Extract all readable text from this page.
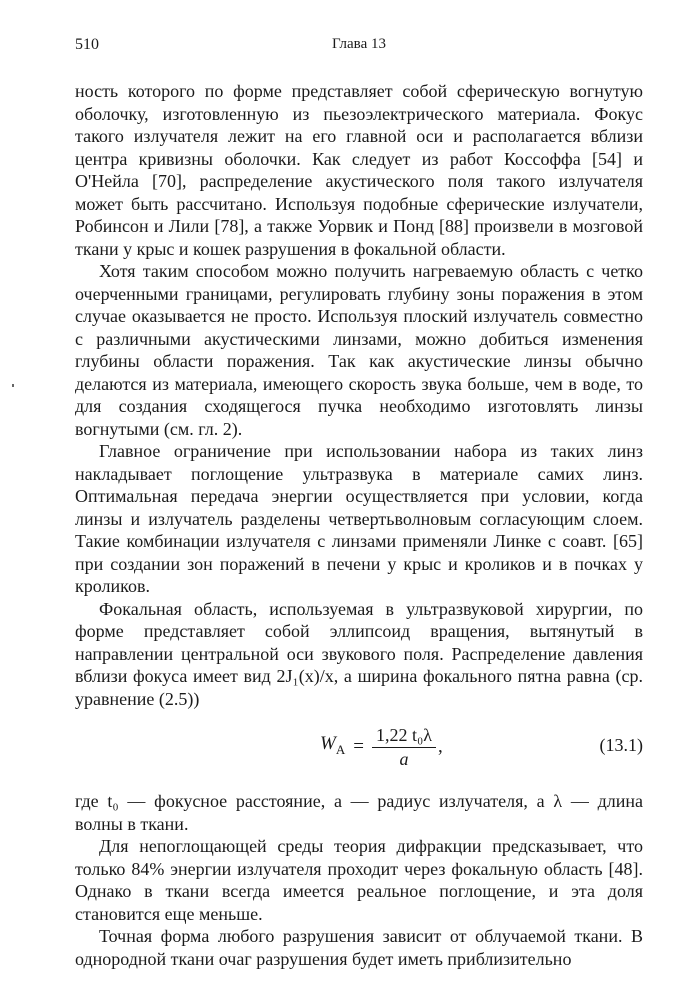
510	Глава 13

ность которого по форме представляет собой сферическую вогнутую оболочку, изготовленную из пьезоэлектрического материала. Фокус такого излучателя лежит на его главной оси и располагается вблизи центра кривизны оболочки. Как следует из работ Коссоффа [54] и О'Нейла [70], распределение акустического поля такого излучателя может быть рассчитано. Используя подобные сферические излучатели, Робинсон и Лили [78], а также Уорвик и Понд [88] произвели в мозговой ткани у крыс и кошек разрушения в фокальной области.

Хотя таким способом можно получить нагреваемую область с четко очерченными границами, регулировать глубину зоны поражения в этом случае оказывается не просто. Используя плоский излучатель совместно с различными акустическими линзами, можно добиться изменения глубины области поражения. Так как акустические линзы обычно делаются из материала, имеющего скорость звука больше, чем в воде, то для создания сходящегося пучка необходимо изготовлять линзы вогнутыми (см. гл. 2).

Главное ограничение при использовании набора из таких линз накладывает поглощение ультразвука в материале самих линз. Оптимальная передача энергии осуществляется при условии, когда линзы и излучатель разделены четвертьволновым согласующим слоем. Такие комбинации излучателя с линзами применяли Линке с соавт. [65] при создании зон поражений в печени у крыс и кроликов и в почках у кроликов.

Фокальная область, используемая в ультразвуковой хирургии, по форме представляет собой эллипсоид вращения, вытянутый в направлении центральной оси звукового поля. Распределение давления вблизи фокуса имеет вид 2J₁(x)/x, а ширина фокального пятна равна (ср. уравнение (2.5))

$W_A = \frac{\text{1,22 t₀λ}}{a}$ ,	(13.1)

где t₀ — фокусное расстояние, a — радиус излучателя, а λ — длина волны в ткани.

Для непоглощающей среды теория дифракции предсказывает, что только 84% энергии излучателя проходит через фокальную область [48]. Однако в ткани всегда имеется реальное поглощение, и эта доля становится еще меньше.

Точная форма любого разрушения зависит от облучаемой ткани. В однородной ткани очаг разрушения будет иметь приблизительно
